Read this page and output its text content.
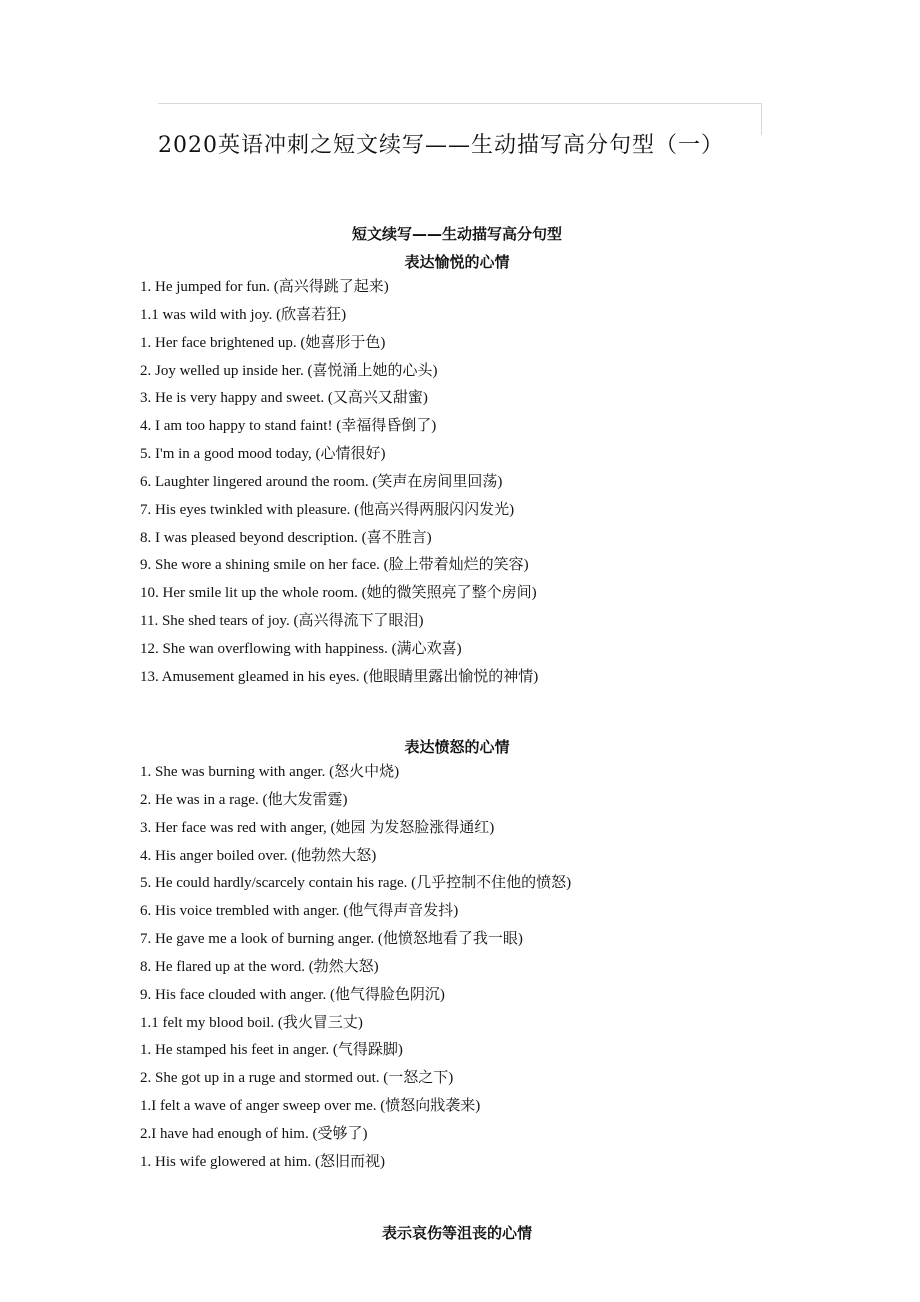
2020英语冲刺之短文续写——生动描写高分句型（一）
短文续写——生动描写高分句型
表达愉悦的心情
1. He jumped for fun. (高兴得跳了起来)
1.1 was wild with joy. (欣喜若狂)
1. Her face brightened up. (她喜形于色)
2. Joy welled up inside her. (喜悦涌上她的心头)
3. He is very happy and sweet. (又高兴又甜蜜)
4. I am too happy to stand faint! (幸福得昏倒了)
5. I'm in a good mood today, (心情很好)
6. Laughter lingered around the room. (笑声在房间里回荡)
7. His eyes twinkled with pleasure. (他高兴得两服闪闪发光)
8. I was pleased beyond description. (喜不胜言)
9. She wore a shining smile on her face. (脸上带着灿烂的笑容)
10. Her smile lit up the whole room. (她的微笑照亮了整个房间)
11. She shed tears of joy. (高兴得流下了眼泪)
12. She wan overflowing with happiness. (满心欢喜)
13. Amusement gleamed in his eyes. (他眼睛里露出愉悦的神情)
表达愤怒的心情
1. She was burning with anger. (怒火中烧)
2. He was in a rage. (他大发雷霆)
3. Her face was red with anger, (她园 为发怒脸涨得通红)
4. His anger boiled over. (他勃然大怒)
5. He could hardly/scarcely contain his rage. (几乎控制不住他的愤怒)
6. His voice trembled with anger. (他气得声音发抖)
7. He gave me a look of burning anger. (他愤怒地看了我一眼)
8. He flared up at the word. (勃然大怒)
9. His face clouded with anger. (他气得脸色阴沉)
1.1 felt my blood boil. (我火冒三丈)
1. He stamped his feet in anger. (气得跺脚)
2. She got up in a ruge and stormed out. (一怒之下)
1.I felt a wave of anger sweep over me. (愤怒向戕袭来)
2.I have had enough of him. (受够了)
1. His wife glowered at him. (怒旧而视)
表示哀伤等沮丧的心情
